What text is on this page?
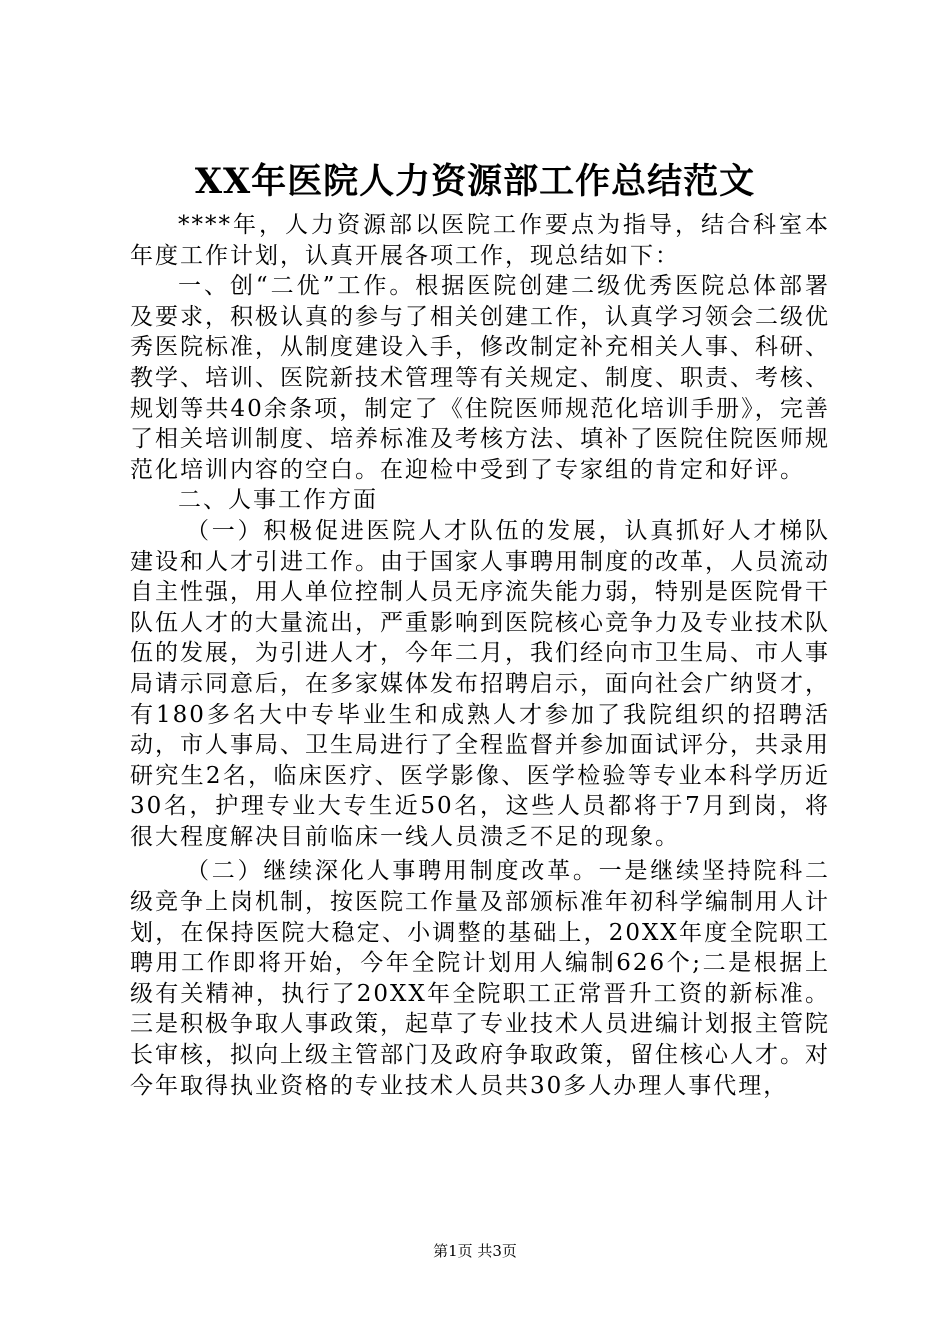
XX年医院人力资源部工作总结范文

****年，人力资源部以医院工作要点为指导，结合科室本年度工作计划，认真开展各项工作，现总结如下：

一、创“二优”工作。根据医院创建二级优秀医院总体部署及要求，积极认真的参与了相关创建工作，认真学习领会二级优秀医院标准，从制度建设入手，修改制定补充相关人事、科研、教学、培训、医院新技术管理等有关规定、制度、职责、考核、规划等共40余条项，制定了《住院医师规范化培训手册》，完善了相关培训制度、培养标准及考核方法、填补了医院住院医师规范化培训内容的空白。在迎检中受到了专家组的肯定和好评。

二、人事工作方面

（一）积极促进医院人才队伍的发展，认真抓好人才梯队建设和人才引进工作。由于国家人事聘用制度的改革，人员流动自主性强，用人单位控制人员无序流失能力弱，特别是医院骨干队伍人才的大量流出，严重影响到医院核心竞争力及专业技术队伍的发展，为引进人才，今年二月，我们经向市卫生局、市人事局请示同意后，在多家媒体发布招聘启示，面向社会广纳贤才，有180多名大中专毕业生和成熟人才参加了我院组织的招聘活动，市人事局、卫生局进行了全程监督并参加面试评分，共录用研究生2名，临床医疗、医学影像、医学检验等专业本科学历近30名，护理专业大专生近50名，这些人员都将于7月到岗，将很大程度解决目前临床一线人员溃乏不足的现象。

（二）继续深化人事聘用制度改革。一是继续坚持院科二级竞争上岗机制，按医院工作量及部颁标准年初科学编制用人计划，在保持医院大稳定、小调整的基础上，20XX年度全院职工聘用工作即将开始，今年全院计划用人编制626个;二是根据上级有关精神，执行了20XX年全院职工正常晋升工资的新标准。三是积极争取人事政策，起草了专业技术人员进编计划报主管院长审核，拟向上级主管部门及政府争取政策，留住核心人才。对今年取得执业资格的专业技术人员共30多人办理人事代理，

第1页 共3页
